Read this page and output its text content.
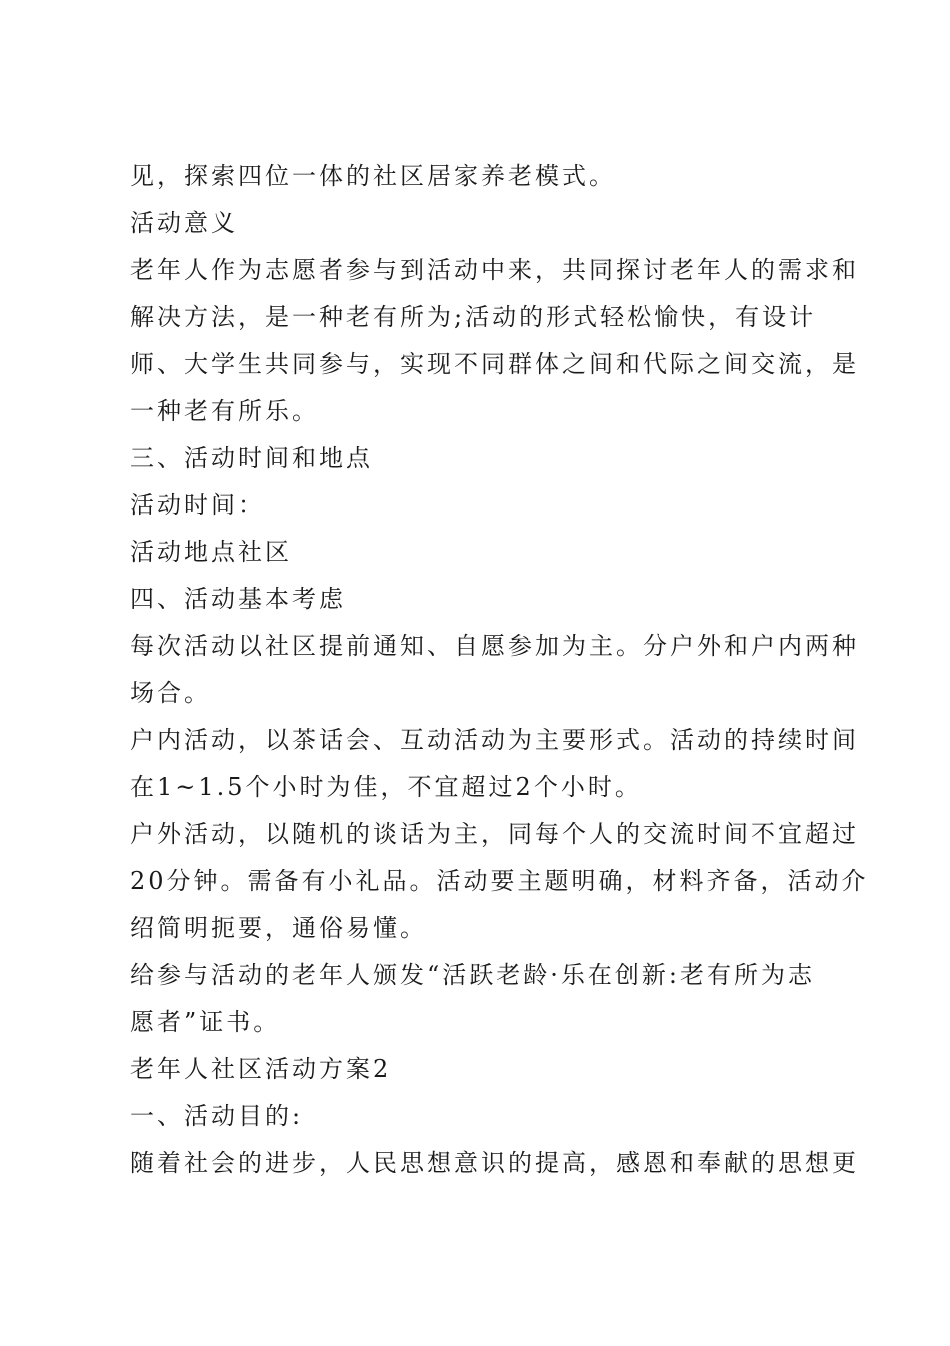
见，探索四位一体的社区居家养老模式。
活动意义
老年人作为志愿者参与到活动中来，共同探讨老年人的需求和
解决方法，是一种老有所为;活动的形式轻松愉快，有设计
师、大学生共同参与，实现不同群体之间和代际之间交流，是
一种老有所乐。
三、活动时间和地点
活动时间：
活动地点社区
四、活动基本考虑
每次活动以社区提前通知、自愿参加为主。分户外和户内两种
场合。
户内活动，以茶话会、互动活动为主要形式。活动的持续时间
在1~1.5个小时为佳，不宜超过2个小时。
户外活动，以随机的谈话为主，同每个人的交流时间不宜超过
20分钟。需备有小礼品。活动要主题明确，材料齐备，活动介
绍简明扼要，通俗易懂。
给参与活动的老年人颁发“活跃老龄·乐在创新:老有所为志
愿者”证书。
老年人社区活动方案2
一、活动目的:
随着社会的进步，人民思想意识的提高，感恩和奉献的思想更
